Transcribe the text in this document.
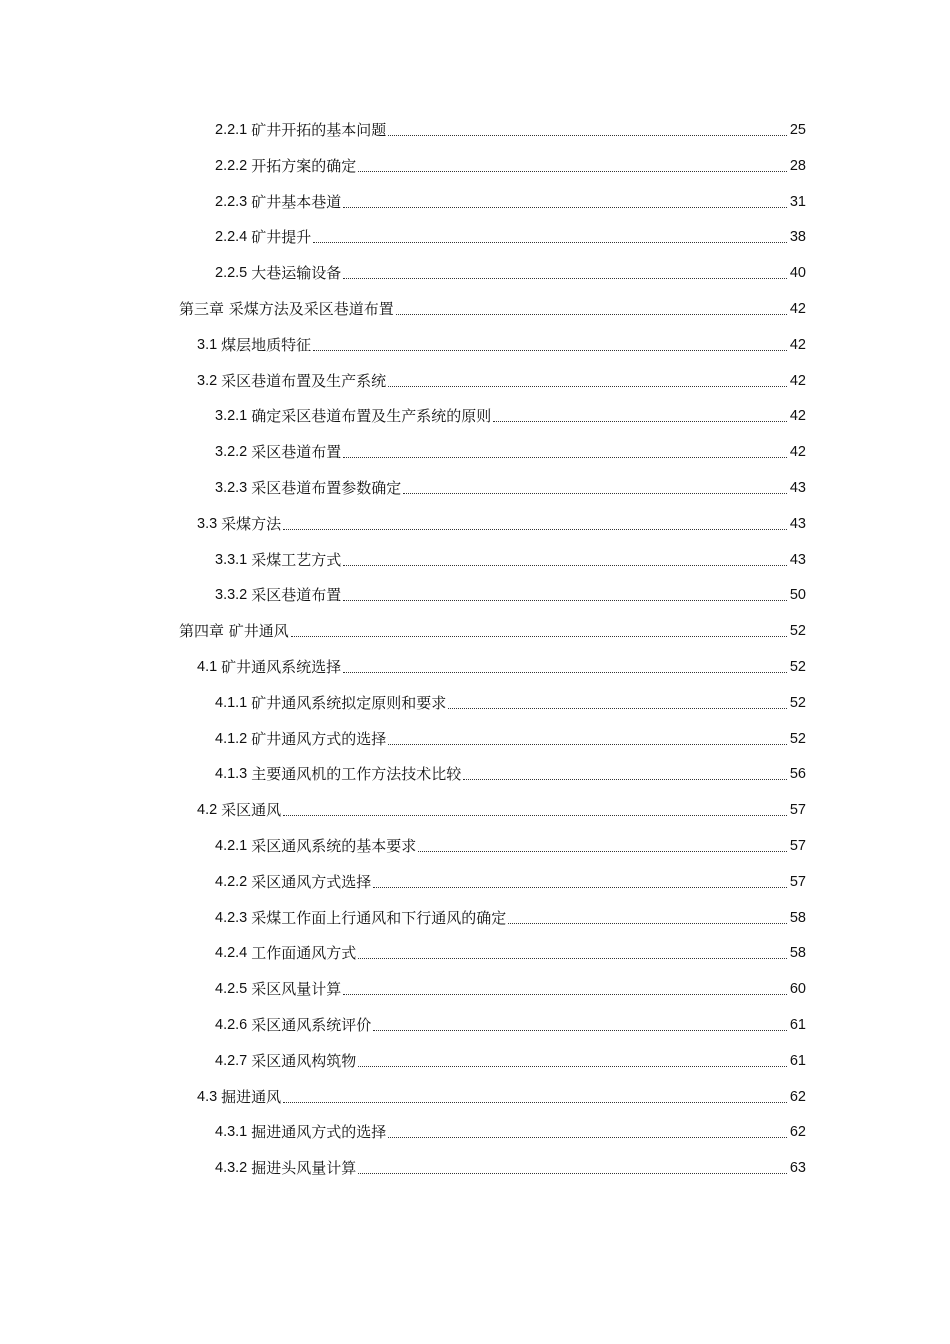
2.2.1 矿井开拓的基本问题	25
2.2.2 开拓方案的确定	28
2.2.3 矿井基本巷道	31
2.2.4 矿井提升	38
2.2.5 大巷运输设备	40
第三章 采煤方法及采区巷道布置	42
3.1 煤层地质特征	42
3.2 采区巷道布置及生产系统	42
3.2.1 确定采区巷道布置及生产系统的原则	42
3.2.2 采区巷道布置	42
3.2.3 采区巷道布置参数确定	43
3.3 采煤方法	43
3.3.1 采煤工艺方式	43
3.3.2 采区巷道布置	50
第四章 矿井通风	52
4.1 矿井通风系统选择	52
4.1.1 矿井通风系统拟定原则和要求	52
4.1.2 矿井通风方式的选择	52
4.1.3 主要通风机的工作方法技术比较	56
4.2 采区通风	57
4.2.1 采区通风系统的基本要求	57
4.2.2 采区通风方式选择	57
4.2.3 采煤工作面上行通风和下行通风的确定	58
4.2.4 工作面通风方式	58
4.2.5 采区风量计算	60
4.2.6 采区通风系统评价	61
4.2.7 采区通风构筑物	61
4.3 掘进通风	62
4.3.1 掘进通风方式的选择	62
4.3.2 掘进头风量计算	63
